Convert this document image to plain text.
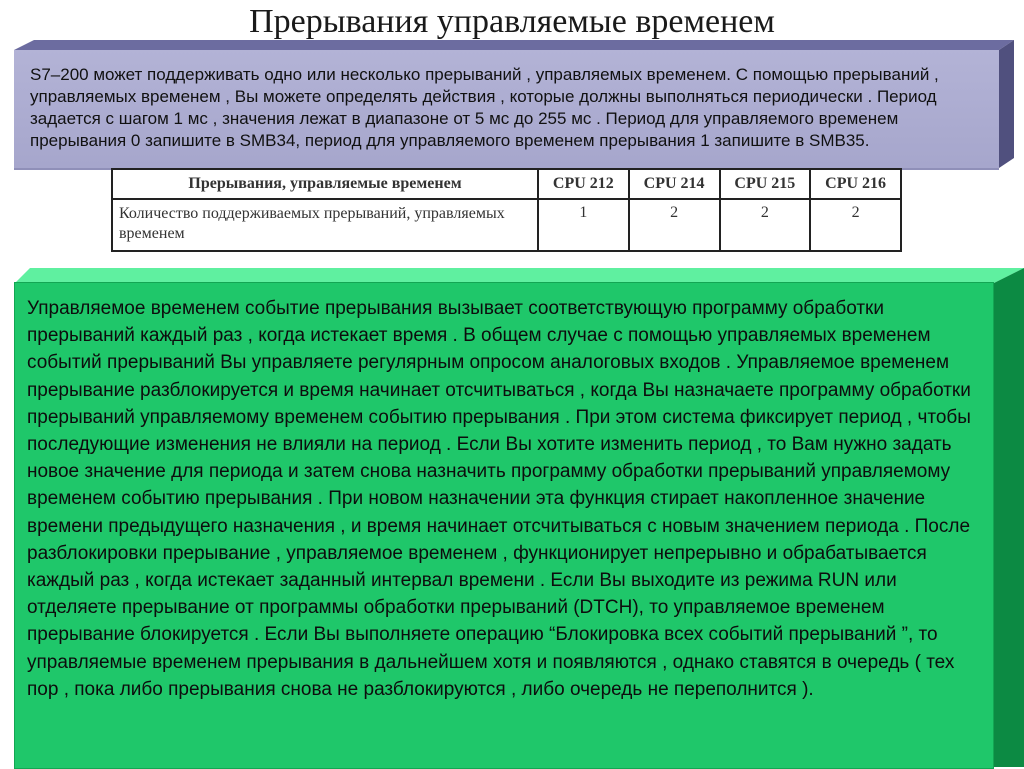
Прерывания управляемые временем

S7–200 может поддерживать одно или несколько прерываний , управляемых временем. С помощью прерываний , управляемых временем , Вы можете определять действия , которые должны выполняться периодически . Период задается с шагом 1 мс , значения лежат в диапазоне от 5 мс до 255 мс . Период для управляемого временем прерывания 0 запишите в SMB34, период для управляемого временем прерывания 1 запишите в SMB35.

Прерывания, управляемые временем	CPU 212	CPU 214	CPU 215	CPU 216
Количество поддерживаемых прерываний, управляемых временем	1	2	2	2

Управляемое временем событие прерывания вызывает соответствующую программу обработки прерываний каждый раз , когда истекает время . В общем случае с помощью управляемых временем событий прерываний Вы управляете регулярным опросом аналоговых входов . Управляемое временем прерывание разблокируется и время начинает отсчитываться , когда Вы назначаете программу обработки прерываний управляемому временем событию прерывания . При этом система фиксирует период , чтобы последующие изменения не влияли на период . Если Вы хотите изменить период , то Вам нужно задать новое значение для периода и затем снова назначить программу обработки прерываний управляемому временем событию прерывания . При новом назначении эта функция стирает накопленное значение времени предыдущего назначения , и время начинает отсчитываться с новым значением периода . После разблокировки прерывание , управляемое временем , функционирует непрерывно и обрабатывается каждый раз , когда истекает заданный интервал времени . Если Вы выходите из режима RUN или отделяете прерывание от программы обработки прерываний (DTCH), то управляемое временем прерывание блокируется . Если Вы выполняете операцию “Блокировка всех событий прерываний ”, то управляемые временем прерывания в дальнейшем хотя и появляются , однако ставятся в очередь ( тех пор , пока либо прерывания снова не разблокируются , либо очередь не переполнится ).
